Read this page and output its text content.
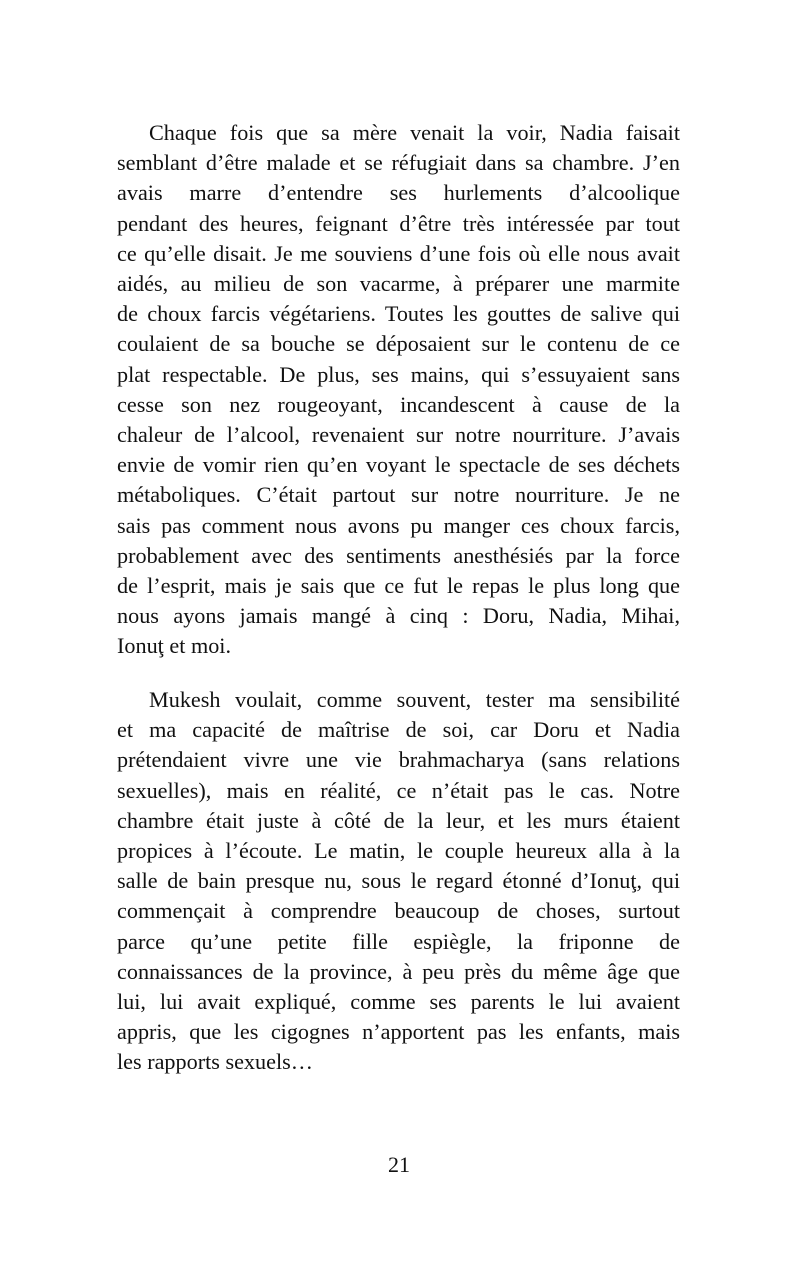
Chaque fois que sa mère venait la voir, Nadia faisait
semblant d’être malade et se réfugiait dans sa chambre. J’en
avais marre d’entendre ses hurlements d’alcoolique
pendant des heures, feignant d’être très intéressée par tout
ce qu’elle disait. Je me souviens d’une fois où elle nous avait
aidés, au milieu de son vacarme, à préparer une marmite
de choux farcis végétariens. Toutes les gouttes de salive qui
coulaient de sa bouche se déposaient sur le contenu de ce
plat respectable. De plus, ses mains, qui s’essuyaient sans
cesse son nez rougeoyant, incandescent à cause de la
chaleur de l’alcool, revenaient sur notre nourriture. J’avais
envie de vomir rien qu’en voyant le spectacle de ses déchets
métaboliques. C’était partout sur notre nourriture. Je ne
sais pas comment nous avons pu manger ces choux farcis,
probablement avec des sentiments anesthésiés par la force
de l’esprit, mais je sais que ce fut le repas le plus long que
nous ayons jamais mangé à cinq : Doru, Nadia, Mihai,
Ionuţ et moi.
Mukesh voulait, comme souvent, tester ma sensibilité
et ma capacité de maîtrise de soi, car Doru et Nadia
prétendaient vivre une vie brahmacharya (sans relations
sexuelles), mais en réalité, ce n’était pas le cas. Notre
chambre était juste à côté de la leur, et les murs étaient
propices à l’écoute. Le matin, le couple heureux alla à la
salle de bain presque nu, sous le regard étonné d’Ionuţ, qui
commençait à comprendre beaucoup de choses, surtout
parce qu’une petite fille espiègle, la friponne de
connaissances de la province, à peu près du même âge que
lui, lui avait expliqué, comme ses parents le lui avaient
appris, que les cigognes n’apportent pas les enfants, mais
les rapports sexuels…
21
